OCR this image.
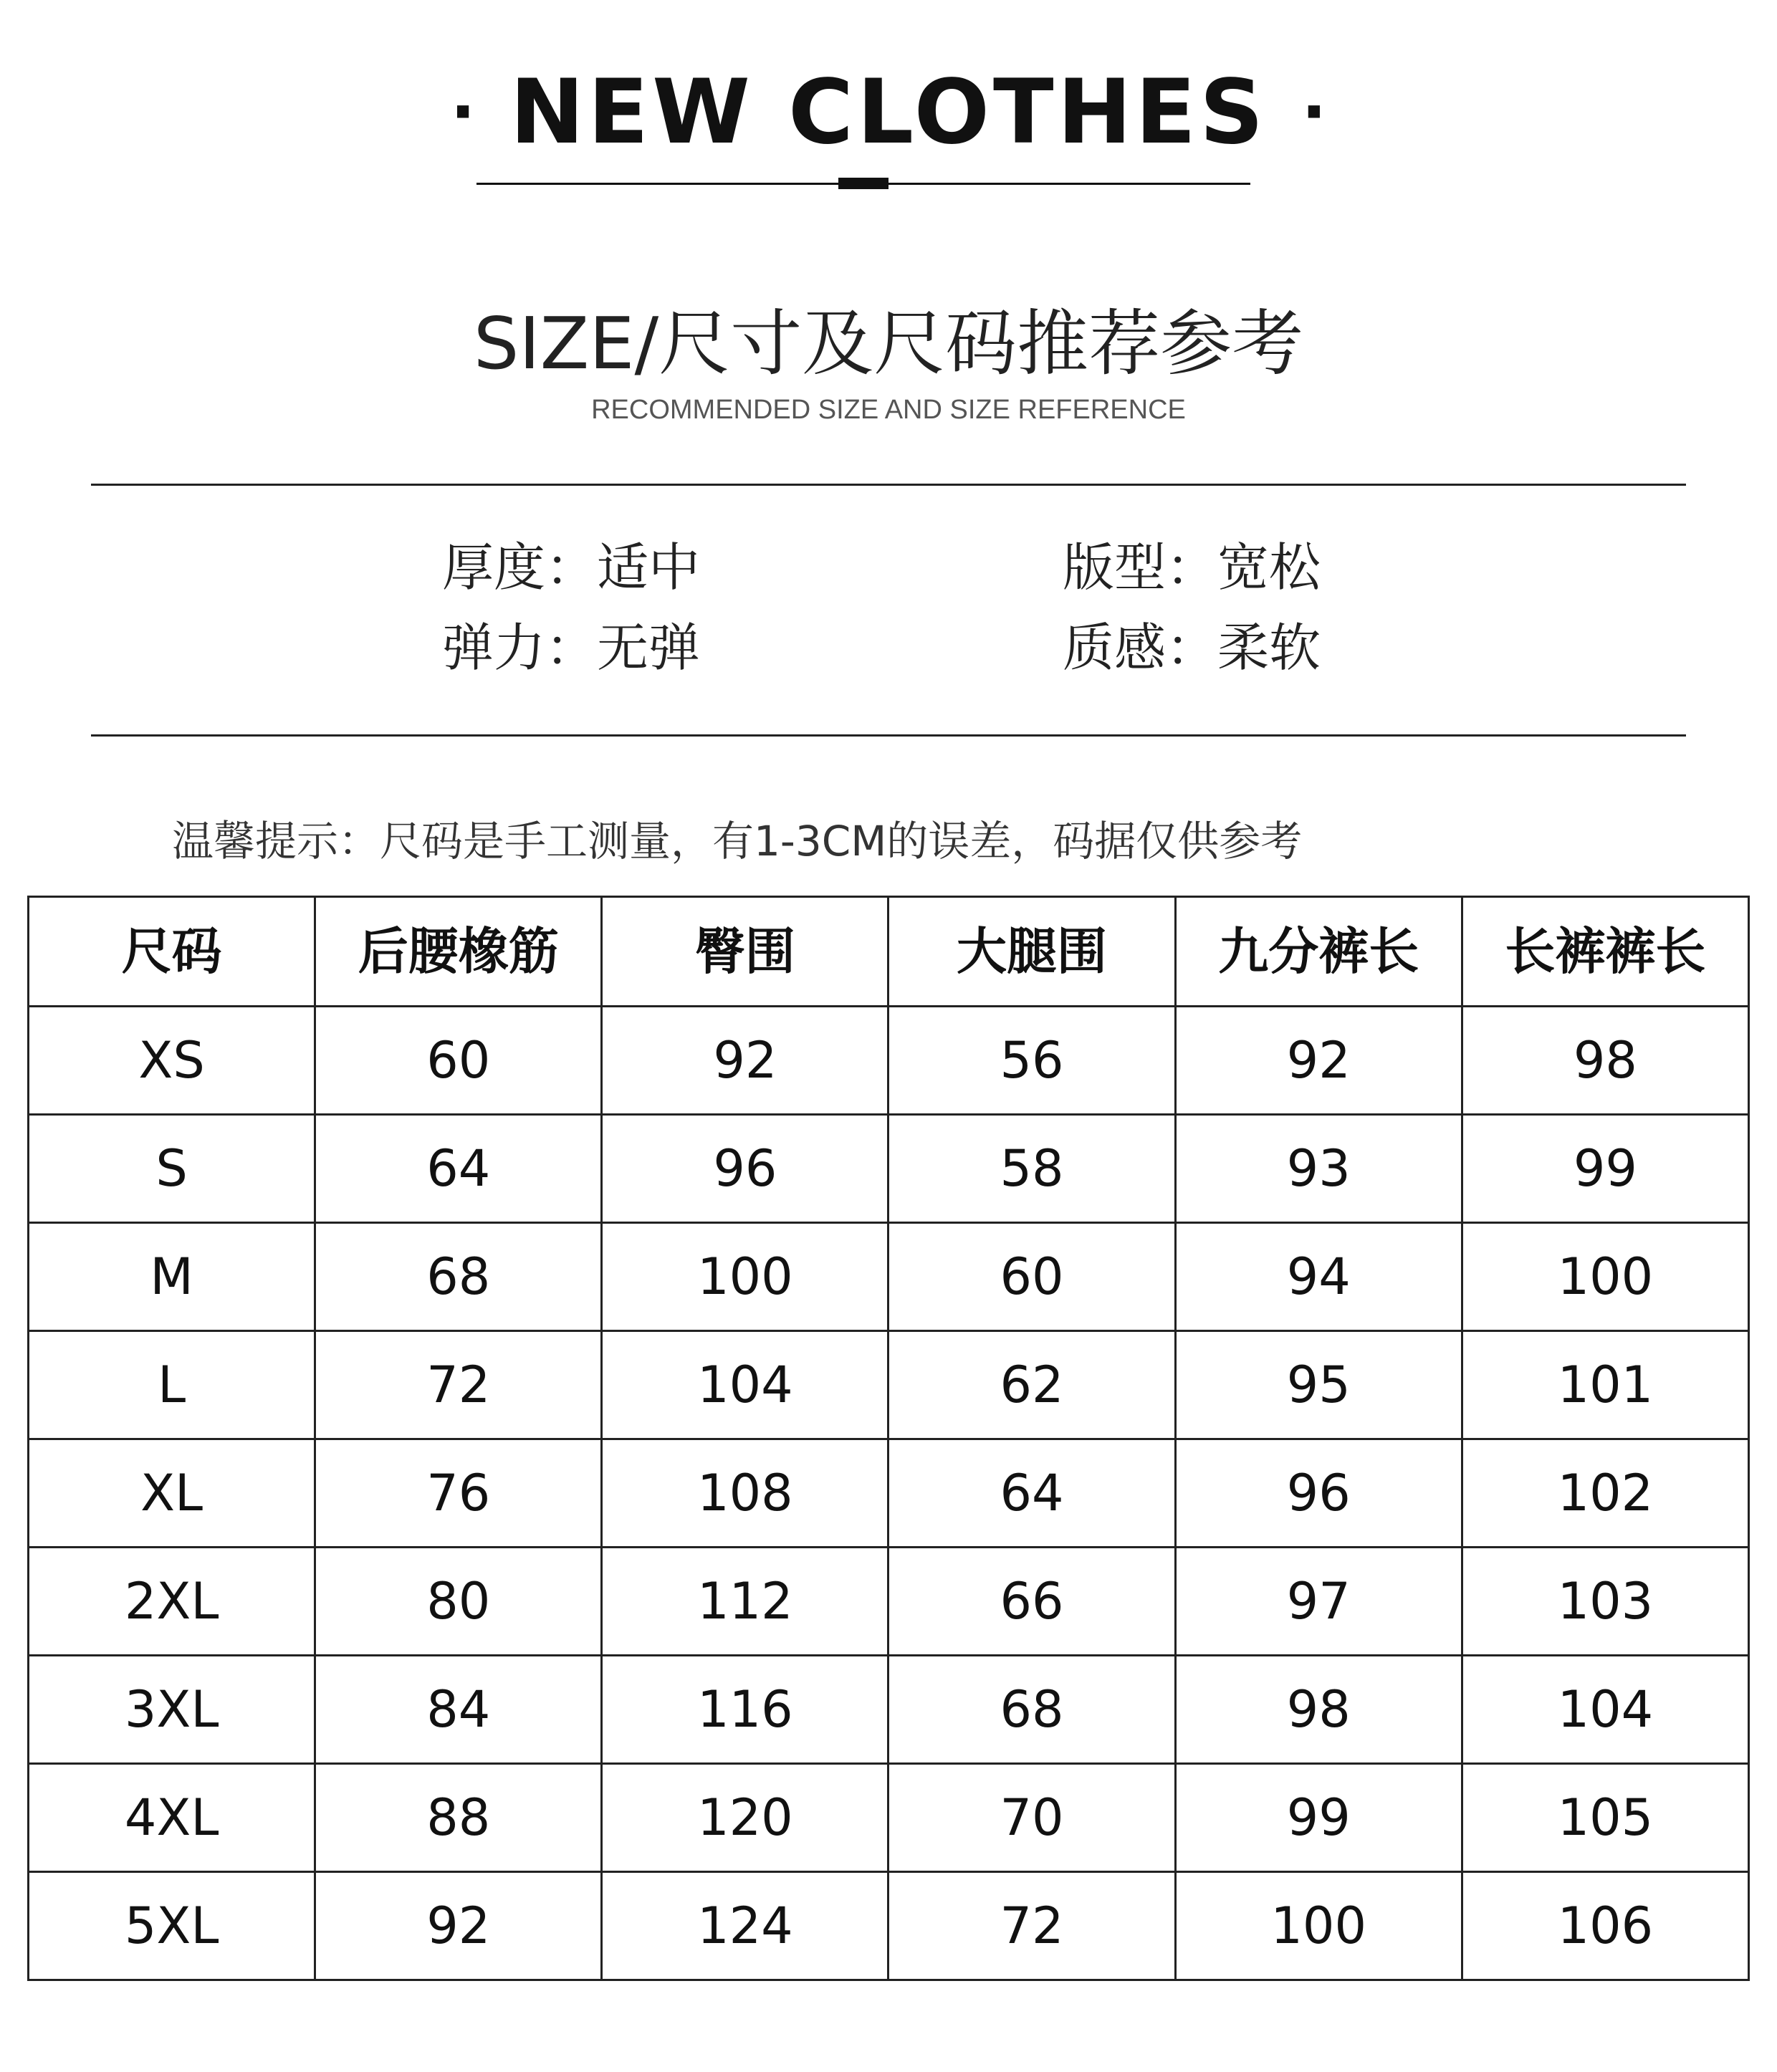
· NEW CLOTHES ·
SIZE/尺寸及尺码推荐参考
RECOMMENDED SIZE AND SIZE REFERENCE
厚度：适中
弹力：无弹
版型：宽松
质感：柔软
温馨提示：尺码是手工测量，有1-3CM的误差，码据仅供参考
尺码	后腰橡筋	臀围	大腿围	九分裤长	长裤裤长
XS	60	92	56	92	98
S	64	96	58	93	99
M	68	100	60	94	100
L	72	104	62	95	101
XL	76	108	64	96	102
2XL	80	112	66	97	103
3XL	84	116	68	98	104
4XL	88	120	70	99	105
5XL	92	124	72	100	106
